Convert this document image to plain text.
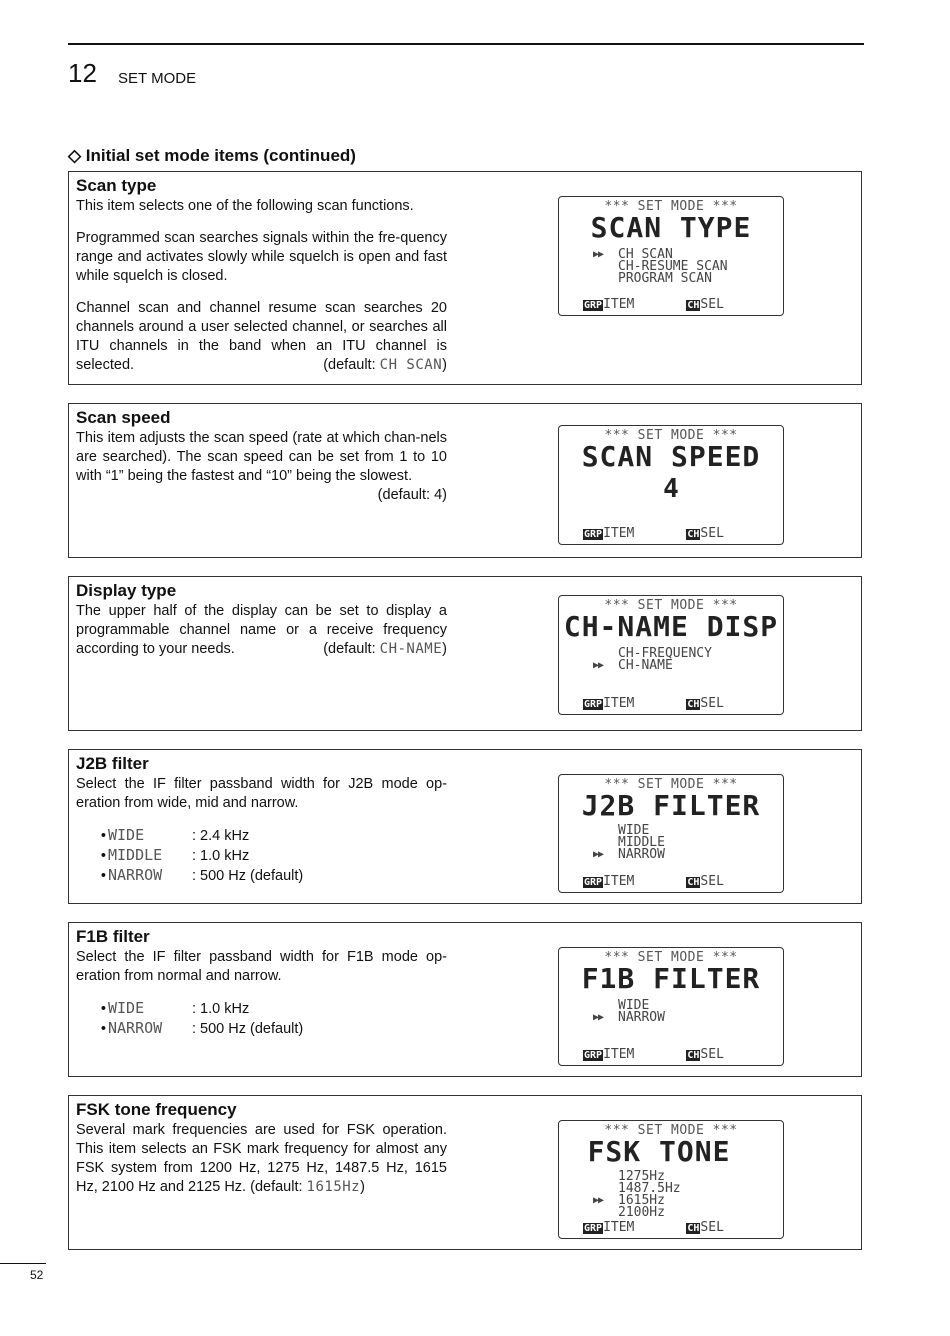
12 SET MODE
◇ Initial set mode items (continued)
Scan type

This item selects one of the following scan functions.

Programmed scan searches signals within the fre-quency range and activates slowly while squelch is open and fast while squelch is closed.

Channel scan and channel resume scan searches 20 channels around a user selected channel, or searches all ITU channels in the band when an ITU channel is selected.	(default: CH SCAN)

*** SET MODE ***
SCAN TYPE
▶▶ CH SCAN
CH-RESUME SCAN
PROGRAM SCAN
GRPITEM	CHSEL
Scan speed

This item adjusts the scan speed (rate at which chan-nels are searched). The scan speed can be set from 1 to 10 with “1” being the fastest and “10” being the slowest.
(default: 4)

*** SET MODE ***
SCAN SPEED
4
GRPITEM	CHSEL
Display type

The upper half of the display can be set to display a programmable channel name or a receive frequency according to your needs.	(default: CH-NAME)

*** SET MODE ***
CH-NAME DISP
CH-FREQUENCY
▶▶ CH-NAME
GRPITEM	CHSEL
J2B filter

Select the IF filter passband width for J2B mode op-eration from wide, mid and narrow.

• WIDE	: 2.4 kHz
• MIDDLE	: 1.0 kHz
• NARROW	: 500 Hz (default)
*** SET MODE ***
J2B FILTER
WIDE
MIDDLE
▶▶ NARROW
GRPITEM	CHSEL
F1B filter

Select the IF filter passband width for F1B mode op-eration from normal and narrow.

• WIDE	: 1.0 kHz
• NARROW	: 500 Hz (default)
*** SET MODE ***
F1B FILTER
WIDE
▶▶ NARROW
GRPITEM	CHSEL
FSK tone frequency

Several mark frequencies are used for FSK operation. This item selects an FSK mark frequency for almost any FSK system from 1200 Hz, 1275 Hz, 1487.5 Hz, 1615 Hz, 2100 Hz and 2125 Hz. (default: 1615Hz)

*** SET MODE ***
FSK TONE
1275Hz
1487.5Hz
▶▶ 1615Hz
2100Hz
GRPITEM	CHSEL
52
